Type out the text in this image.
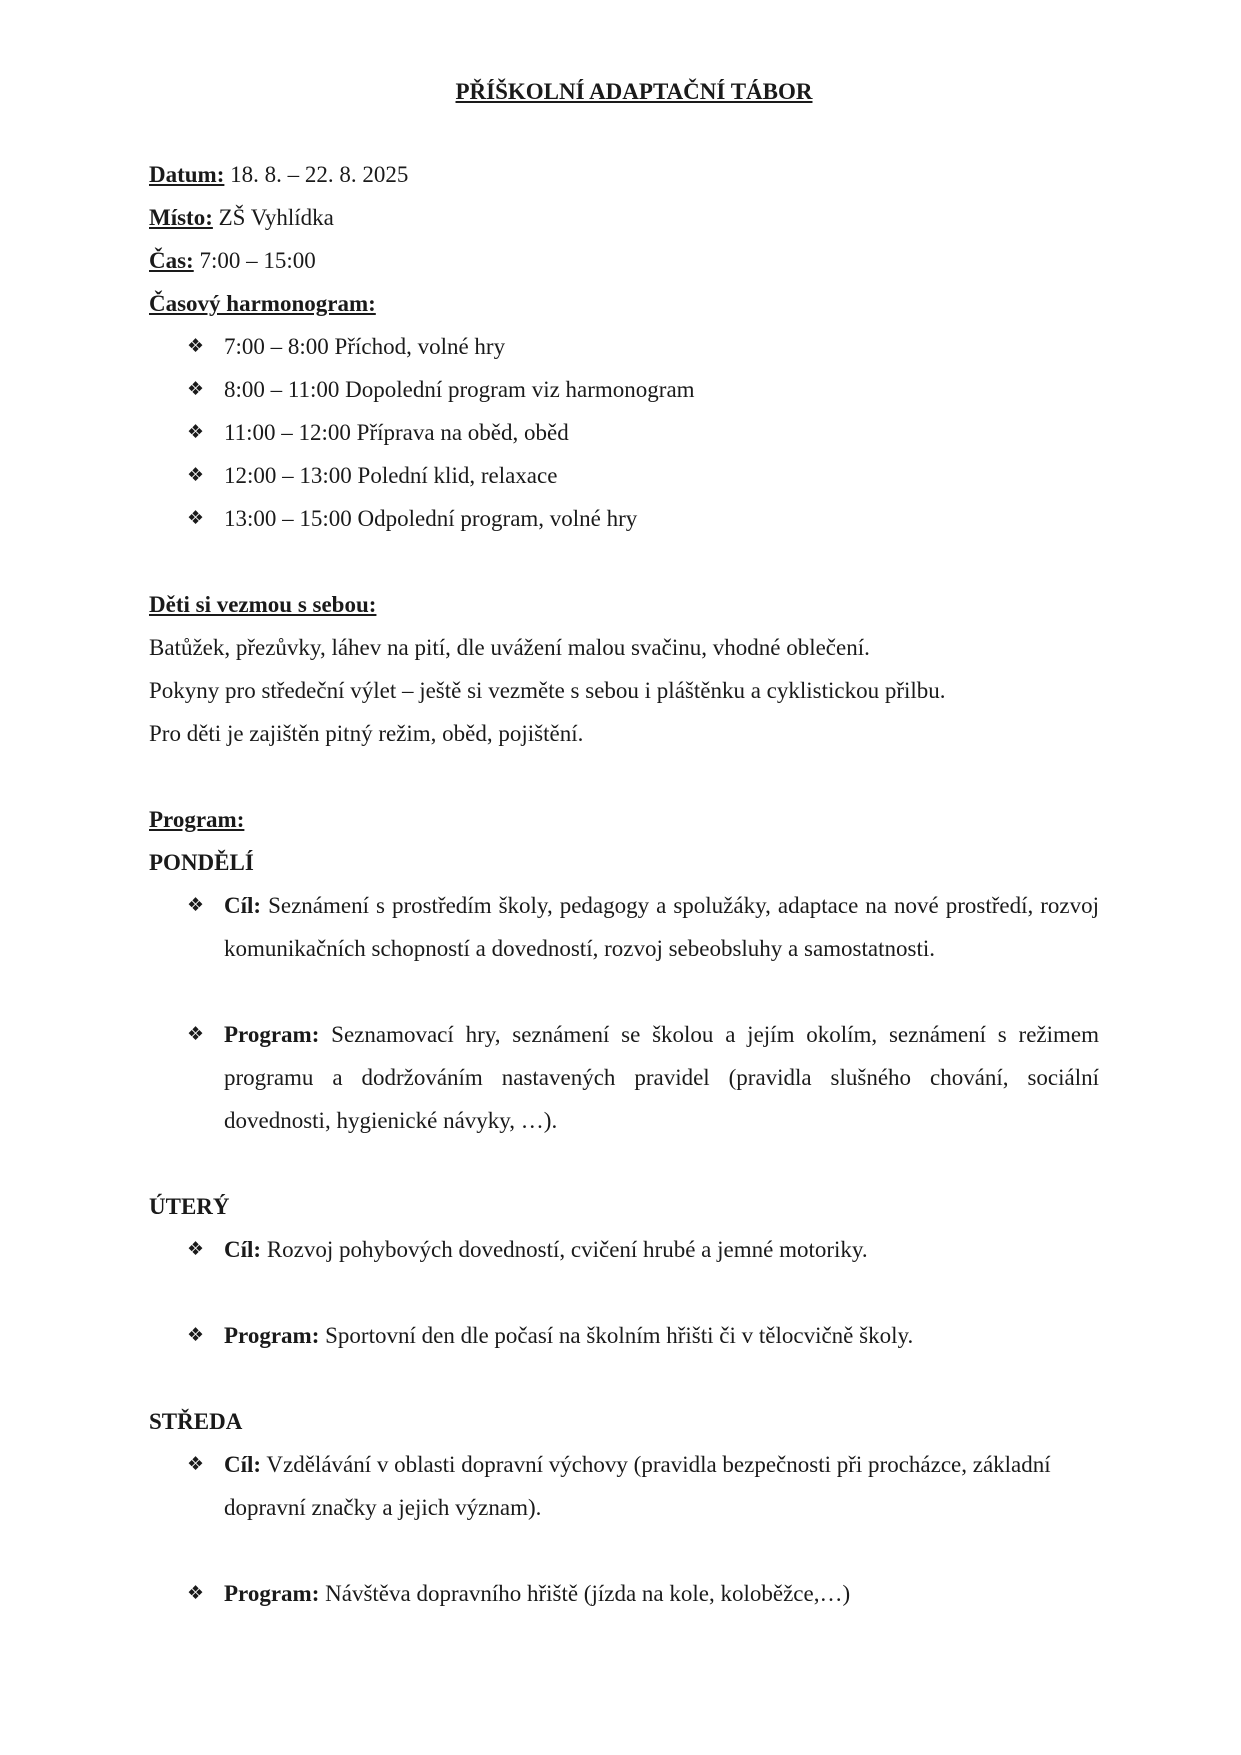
PŘÍŠKOLNÍ ADAPTAČNÍ TÁBOR

Datum: 18. 8. – 22. 8. 2025

Místo: ZŠ Vyhlídka

Čas: 7:00 – 15:00

Časový harmonogram:

❖ 7:00 – 8:00 Příchod, volné hry
❖ 8:00 – 11:00 Dopolední program viz harmonogram
❖ 11:00 – 12:00 Příprava na oběd, oběd
❖ 12:00 – 13:00 Polední klid, relaxace
❖ 13:00 – 15:00 Odpolední program, volné hry

Děti si vezmou s sebou:

Batůžek, přezůvky, láhev na pití, dle uvážení malou svačinu, vhodné oblečení.

Pokyny pro středeční výlet – ještě si vezměte s sebou i pláštěnku a cyklistickou přilbu.

Pro děti je zajištěn pitný režim, oběd, pojištění.

Program:

PONDĚLÍ

❖ Cíl: Seznámení s prostředím školy, pedagogy a spolužáky, adaptace na nové prostředí, rozvoj komunikačních schopností a dovedností, rozvoj sebeobsluhy a samostatnosti.
❖ Program: Seznamovací hry, seznámení se školou a jejím okolím, seznámení s režimem programu a dodržováním nastavených pravidel (pravidla slušného chování, sociální dovednosti, hygienické návyky, …).

ÚTERÝ

❖ Cíl: Rozvoj pohybových dovedností, cvičení hrubé a jemné motoriky.
❖ Program: Sportovní den dle počasí na školním hřišti či v tělocvičně školy.

STŘEDA

❖ Cíl: Vzdělávání v oblasti dopravní výchovy (pravidla bezpečnosti při procházce, základní dopravní značky a jejich význam).
❖ Program: Návštěva dopravního hřiště (jízda na kole, koloběžce,…)
